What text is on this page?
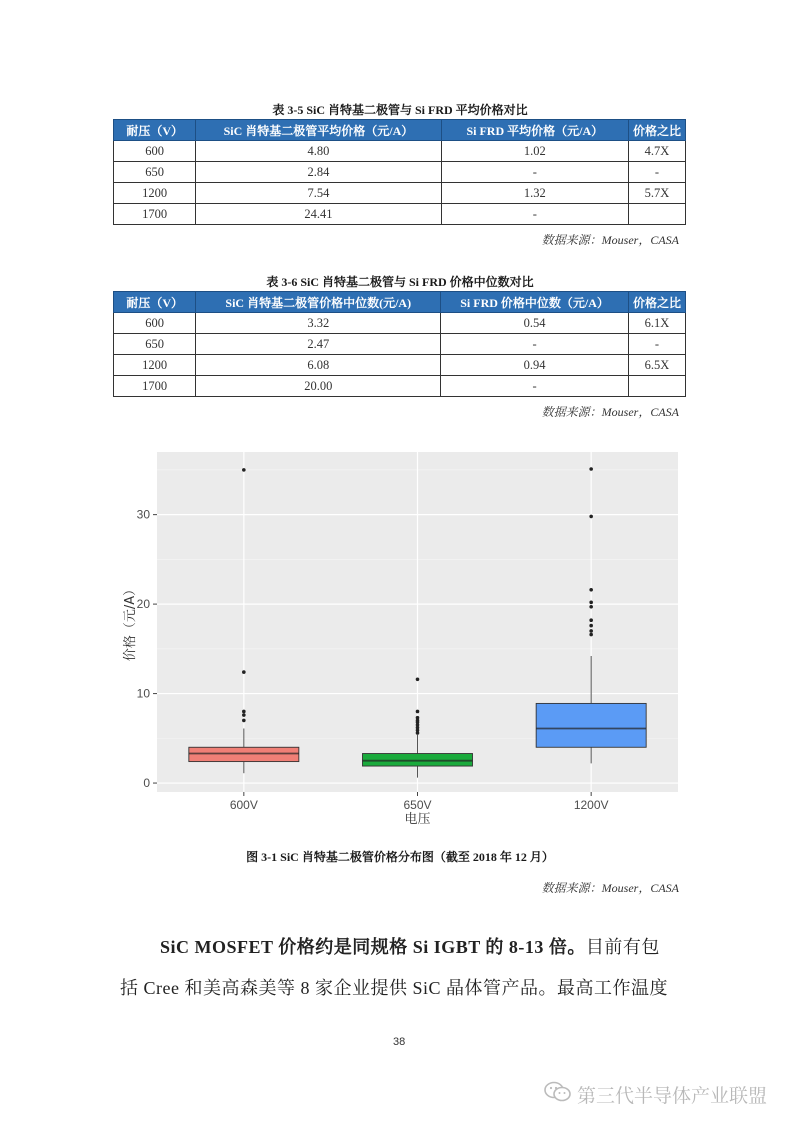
表 3-5 SiC 肖特基二极管与 Si FRD 平均价格对比
耐压（V）	SiC 肖特基二极管平均价格（元/A）	Si FRD 平均价格（元/A）	价格之比
600	4.80	1.02	4.7X
650	2.84	-	-
1200	7.54	1.32	5.7X
1700	24.41	-	
数据来源：Mouser，CASA
表 3-6 SiC 肖特基二极管与 Si FRD 价格中位数对比
耐压（V）	SiC 肖特基二极管价格中位数(元/A)	Si FRD 价格中位数（元/A）	价格之比
600	3.32	0.54	6.1X
650	2.47	-	-
1200	6.08	0.94	6.5X
1700	20.00	-	
数据来源：Mouser，CASA
0
10
20
30
600V	650V	1200V
电压
价格（元/A）
图 3-1 SiC 肖特基二极管价格分布图（截至 2018 年 12 月）
数据来源：Mouser，CASA
SiC MOSFET 价格约是同规格 Si IGBT 的 8-13 倍。目前有包
括 Cree 和美高森美等 8 家企业提供 SiC 晶体管产品。最高工作温度
38
第三代半导体产业联盟
